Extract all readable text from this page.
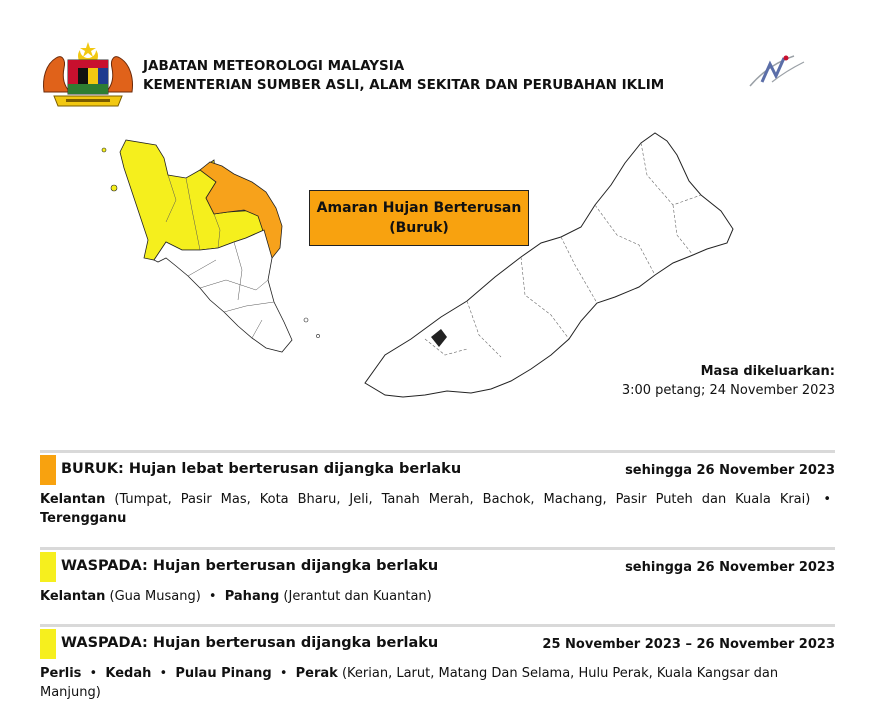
JABATAN METEOROLOGI MALAYSIA
KEMENTERIAN SUMBER ASLI, ALAM SEKITAR DAN PERUBAHAN IKLIM
Amaran Hujan Berterusan
(Buruk)
Masa dikeluarkan:
3:00 petang; 24 November 2023
BURUK: Hujan lebat berterusan dijangka berlaku	sehingga 26 November 2023
Kelantan (Tumpat, Pasir Mas, Kota Bharu, Jeli, Tanah Merah, Bachok, Machang, Pasir Puteh dan Kuala Krai) • Terengganu
WASPADA: Hujan berterusan dijangka berlaku	sehingga 26 November 2023
Kelantan (Gua Musang) • Pahang (Jerantut dan Kuantan)
WASPADA: Hujan berterusan dijangka berlaku	25 November 2023 – 26 November 2023
Perlis • Kedah • Pulau Pinang • Perak (Kerian, Larut, Matang Dan Selama, Hulu Perak, Kuala Kangsar dan Manjung)
